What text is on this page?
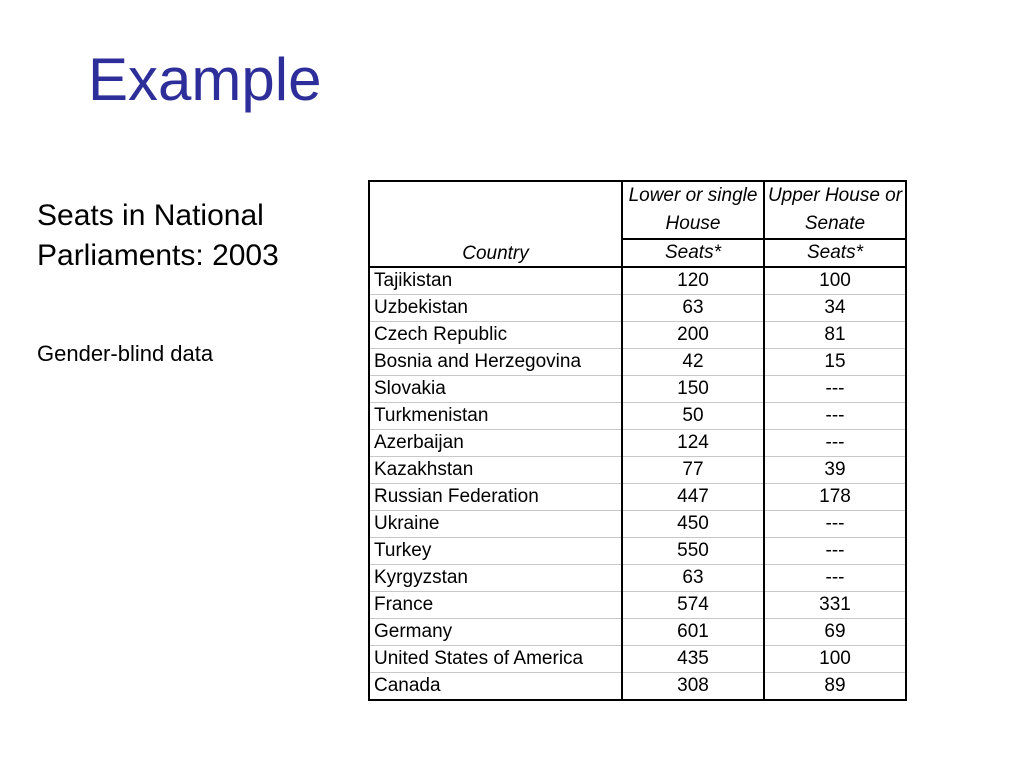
Example
Seats in National Parliaments: 2003
Gender-blind data
Country	Lower or single House	Upper House or Senate
	Seats*	Seats*
Tajikistan	120	100
Uzbekistan	63	34
Czech Republic	200	81
Bosnia and Herzegovina	42	15
Slovakia	150	---
Turkmenistan	50	---
Azerbaijan	124	---
Kazakhstan	77	39
Russian Federation	447	178
Ukraine	450	---
Turkey	550	---
Kyrgyzstan	63	---
France	574	331
Germany	601	69
United States of America	435	100
Canada	308	89
